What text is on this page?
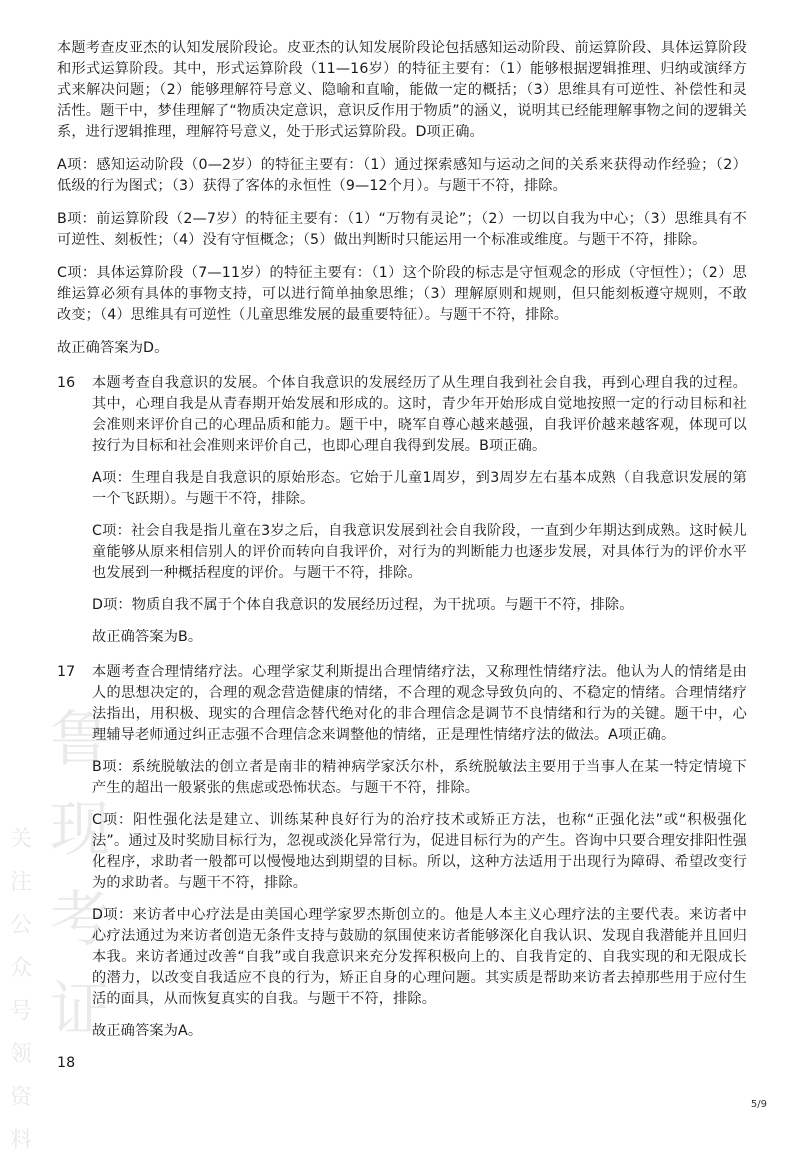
鲁
现
考
证
关
注
公
众
号
领
资
料

本题考查皮亚杰的认知发展阶段论。皮亚杰的认知发展阶段论包括感知运动阶段、前运算阶段、具体运算阶段和形式运算阶段。其中，形式运算阶段（11—16岁）的特征主要有：（1）能够根据逻辑推理、归纳或演绎方式来解决问题；（2）能够理解符号意义、隐喻和直喻，能做一定的概括；（3）思维具有可逆性、补偿性和灵活性。题干中，梦佳理解了“物质决定意识，意识反作用于物质”的涵义，说明其已经能理解事物之间的逻辑关系，进行逻辑推理，理解符号意义，处于形式运算阶段。D项正确。

A项：感知运动阶段（0—2岁）的特征主要有：（1）通过探索感知与运动之间的关系来获得动作经验；（2）低级的行为图式；（3）获得了客体的永恒性（9—12个月）。与题干不符，排除。

B项：前运算阶段（2—7岁）的特征主要有：（1）“万物有灵论”；（2）一切以自我为中心；（3）思维具有不可逆性、刻板性；（4）没有守恒概念；（5）做出判断时只能运用一个标准或维度。与题干不符，排除。

C项：具体运算阶段（7—11岁）的特征主要有：（1）这个阶段的标志是守恒观念的形成（守恒性）；（2）思维运算必须有具体的事物支持，可以进行简单抽象思维；（3）理解原则和规则，但只能刻板遵守规则，不敢改变；（4）思维具有可逆性（儿童思维发展的最重要特征）。与题干不符，排除。

故正确答案为D。

16 本题考查自我意识的发展。个体自我意识的发展经历了从生理自我到社会自我，再到心理自我的过程。其中，心理自我是从青春期开始发展和形成的。这时，青少年开始形成自觉地按照一定的行动目标和社会准则来评价自己的心理品质和能力。题干中，晓军自尊心越来越强，自我评价越来越客观，体现可以按行为目标和社会准则来评价自己，也即心理自我得到发展。B项正确。

A项：生理自我是自我意识的原始形态。它始于儿童1周岁，到3周岁左右基本成熟（自我意识发展的第一个飞跃期）。与题干不符，排除。

C项：社会自我是指儿童在3岁之后，自我意识发展到社会自我阶段，一直到少年期达到成熟。这时候儿童能够从原来相信别人的评价而转向自我评价，对行为的判断能力也逐步发展，对具体行为的评价水平也发展到一种概括程度的评价。与题干不符，排除。

D项：物质自我不属于个体自我意识的发展经历过程，为干扰项。与题干不符，排除。

故正确答案为B。

17 本题考查合理情绪疗法。心理学家艾利斯提出合理情绪疗法，又称理性情绪疗法。他认为人的情绪是由人的思想决定的，合理的观念营造健康的情绪，不合理的观念导致负向的、不稳定的情绪。合理情绪疗法指出，用积极、现实的合理信念替代绝对化的非合理信念是调节不良情绪和行为的关键。题干中，心理辅导老师通过纠正志强不合理信念来调整他的情绪，正是理性情绪疗法的做法。A项正确。

B项：系统脱敏法的创立者是南非的精神病学家沃尔朴，系统脱敏法主要用于当事人在某一特定情境下产生的超出一般紧张的焦虑或恐怖状态。与题干不符，排除。

C项：阳性强化法是建立、训练某种良好行为的治疗技术或矫正方法，也称“正强化法”或“积极强化法”。通过及时奖励目标行为，忽视或淡化异常行为，促进目标行为的产生。咨询中只要合理安排阳性强化程序，求助者一般都可以慢慢地达到期望的目标。所以，这种方法适用于出现行为障碍、希望改变行为的求助者。与题干不符，排除。

D项：来访者中心疗法是由美国心理学家罗杰斯创立的。他是人本主义心理疗法的主要代表。来访者中心疗法通过为来访者创造无条件支持与鼓励的氛围使来访者能够深化自我认识、发现自我潜能并且回归本我。来访者通过改善“自我”或自我意识来充分发挥积极向上的、自我肯定的、自我实现的和无限成长的潜力，以改变自我适应不良的行为，矫正自身的心理问题。其实质是帮助来访者去掉那些用于应付生活的面具，从而恢复真实的自我。与题干不符，排除。

故正确答案为A。

18
5/9
